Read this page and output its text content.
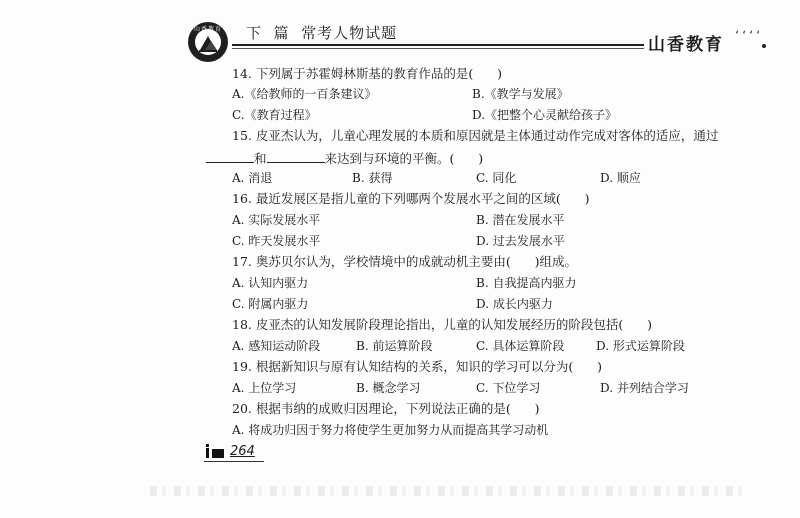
山香教育	下  篇  常考人物试题
山香教育 ‘‘‘‘
14. 下列属于苏霍姆林斯基的教育作品的是(      )
A.《给教师的一百条建议》	B.《教学与发展》
C.《教育过程》	D.《把整个心灵献给孩子》
15. 皮亚杰认为，儿童心理发展的本质和原因就是主体通过动作完成对客体的适应，通过
和	来达到与环境的平衡。(      )
A. 消退	B. 获得	C. 同化	D. 顺应
16. 最近发展区是指儿童的下列哪两个发展水平之间的区域(      )
A. 实际发展水平	B. 潜在发展水平
C. 昨天发展水平	D. 过去发展水平
17. 奥苏贝尔认为，学校情境中的成就动机主要由(      )组成。
A. 认知内驱力	B. 自我提高内驱力
C. 附属内驱力	D. 成长内驱力
18. 皮亚杰的认知发展阶段理论指出，儿童的认知发展经历的阶段包括(      )
A. 感知运动阶段	B. 前运算阶段	C. 具体运算阶段	D. 形式运算阶段
19. 根据新知识与原有认知结构的关系，知识的学习可以分为(      )
A. 上位学习	B. 概念学习	C. 下位学习	D. 并列结合学习
20. 根据韦纳的成败归因理论，下列说法正确的是(      )
A. 将成功归因于努力将使学生更加努力从而提高其学习动机
264
